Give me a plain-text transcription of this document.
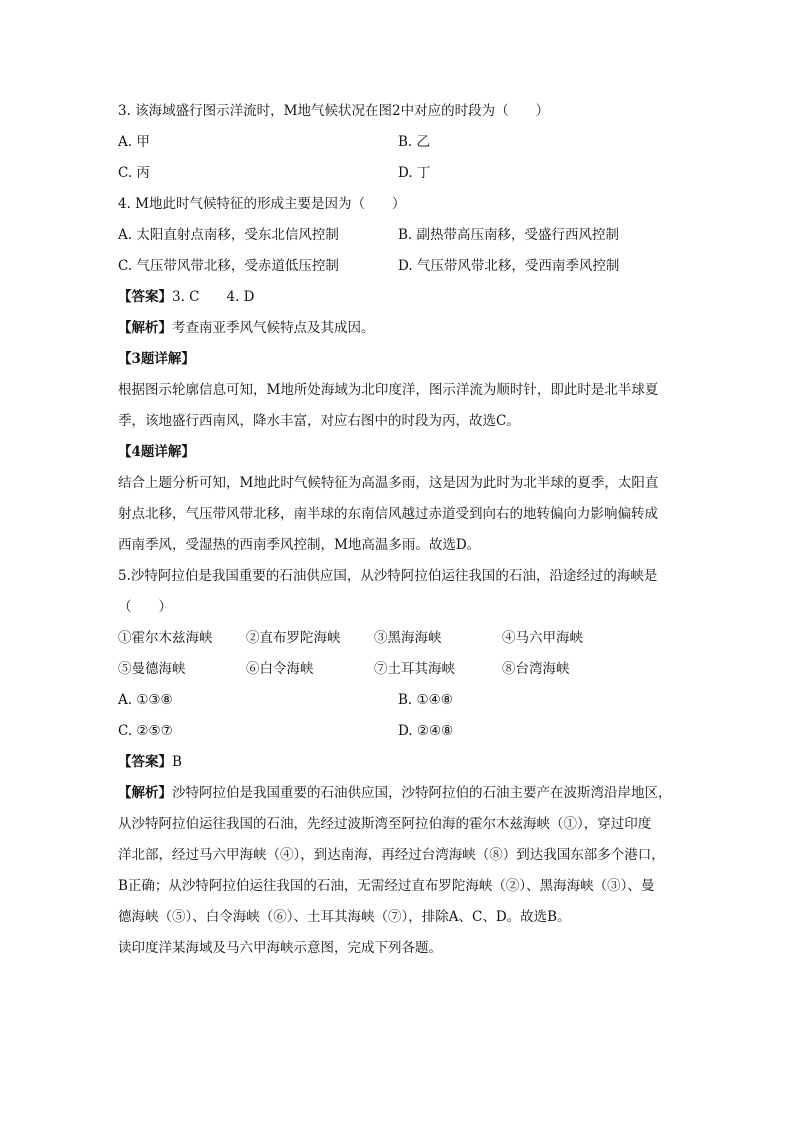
3. 该海域盛行图示洋流时，M地气候状况在图2中对应的时段为（　　）
A. 甲	B. 乙
C. 丙	D. 丁
4. M地此时气候特征的形成主要是因为（　　）
A. 太阳直射点南移，受东北信风控制	B. 副热带高压南移，受盛行西风控制
C. 气压带风带北移，受赤道低压控制	D. 气压带风带北移，受西南季风控制
【答案】3. C　　4. D
【解析】考查南亚季风气候特点及其成因。
【3题详解】
根据图示轮廓信息可知，M地所处海域为北印度洋，图示洋流为顺时针，即此时是北半球夏
季，该地盛行西南风，降水丰富，对应右图中的时段为丙，故选C。
【4题详解】
结合上题分析可知，M地此时气候特征为高温多雨，这是因为此时为北半球的夏季，太阳直
射点北移，气压带风带北移，南半球的东南信风越过赤道受到向右的地转偏向力影响偏转成
西南季风，受湿热的西南季风控制，M地高温多雨。故选D。
5.沙特阿拉伯是我国重要的石油供应国，从沙特阿拉伯运往我国的石油，沿途经过的海峡是
（　　）
①霍尔木兹海峡	②直布罗陀海峡	③黑海海峡	④马六甲海峡
⑤曼德海峡	⑥白令海峡	⑦土耳其海峡	⑧台湾海峡
A. ①③⑧	B. ①④⑧
C. ②⑤⑦	D. ②④⑧
【答案】B
【解析】沙特阿拉伯是我国重要的石油供应国，沙特阿拉伯的石油主要产在波斯湾沿岸地区，
从沙特阿拉伯运往我国的石油，先经过波斯湾至阿拉伯海的霍尔木兹海峡（①），穿过印度
洋北部，经过马六甲海峡（④），到达南海，再经过台湾海峡（⑧）到达我国东部多个港口，
B正确；从沙特阿拉伯运往我国的石油，无需经过直布罗陀海峡（②）、黑海海峡（③）、曼
德海峡（⑤）、白令海峡（⑥）、土耳其海峡（⑦），排除A、C、D。故选B。
读印度洋某海域及马六甲海峡示意图，完成下列各题。
